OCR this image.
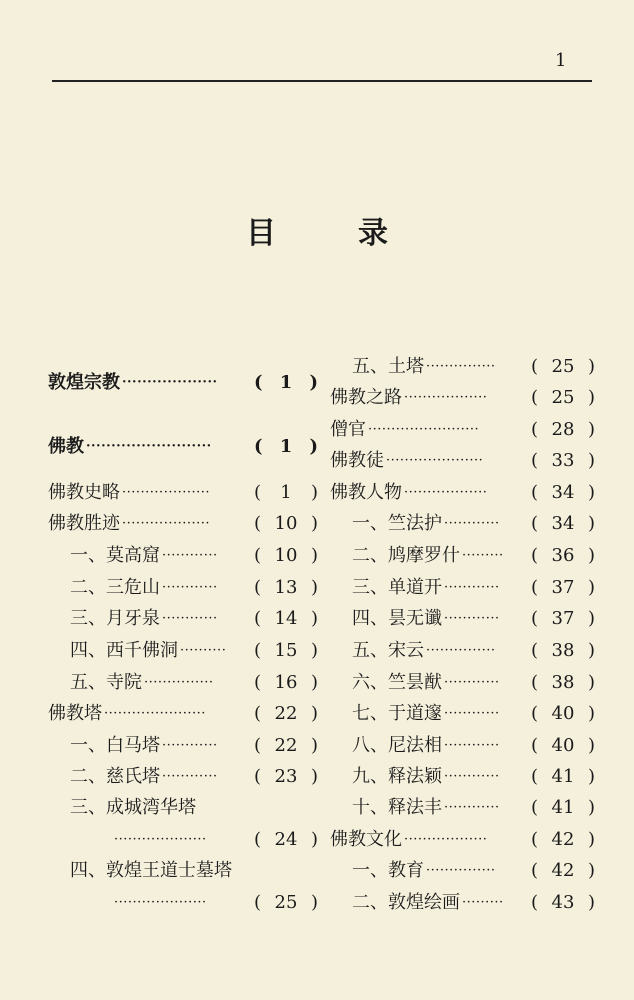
1
目	录
敦煌宗教 ··················· ( 1 )
佛教 ························· ( 1 )
佛教史略 ··················· ( 1 )
佛教胜迹 ··················· ( 10 )
一、莫高窟 ············ ( 10 )
二、三危山 ············ ( 13 )
三、月牙泉 ············ ( 14 )
四、西千佛洞 ·········· ( 15 )
五、寺院 ··············· ( 16 )
佛教塔 ······················	( 22 )
一、白马塔 ············ ( 22 )
二、慈氏塔 ············ ( 23 )
三、成城湾华塔
····················	( 24 )
四、敦煌王道士墓塔
····················	( 25 )
五、土塔 ··············· ( 25 )
佛教之路 ·················· ( 25 )
僧官 ························	( 28 )
佛教徒 ·····················	( 33 )
佛教人物 ·················· ( 34 )
一、竺法护 ············ ( 34 )
二、鸠摩罗什 ········· ( 36 )
三、单道开 ············ ( 37 )
四、昙无谶 ············ ( 37 )
五、宋云 ··············· ( 38 )
六、竺昙猷 ············ ( 38 )
七、于道邃 ············ ( 40 )
八、尼法相 ············ ( 40 )
九、释法颖 ············ ( 41 )
十、释法丰 ············ ( 41 )
佛教文化 ·················· ( 42 )
一、教育 ··············· ( 42 )
二、敦煌绘画 ········· ( 43 )
